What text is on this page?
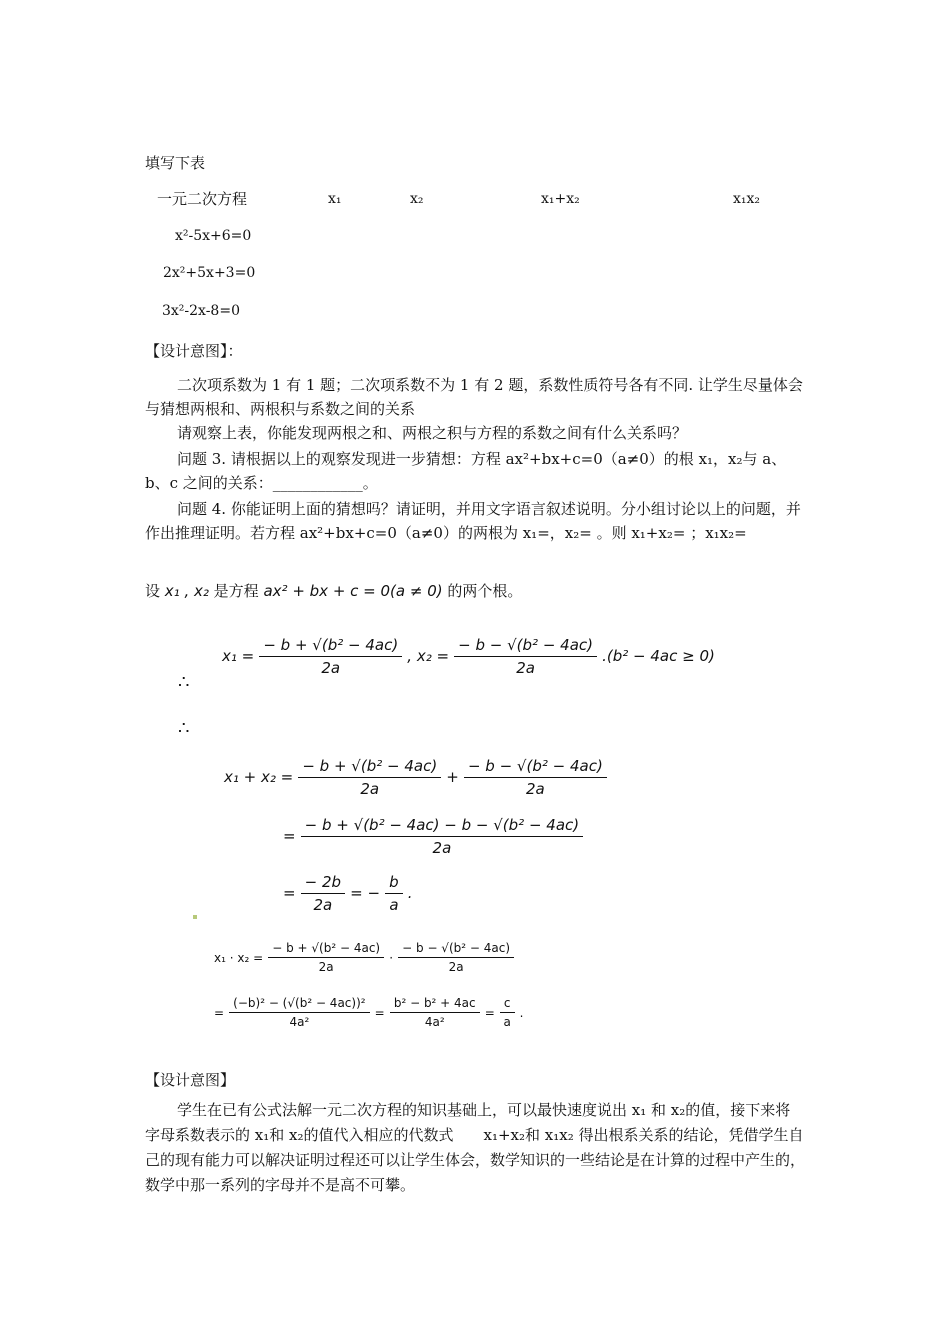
填写下表
一元二次方程	x₁	x₂	x₁+x₂	x₁x₂
x²-5x+6=0
2x²+5x+3=0
3x²-2x-8=0
【设计意图】：
二次项系数为 1 有 1 题；二次项系数不为 1 有 2 题，系数性质符号各有不同. 让学生尽量体会与猜想两根和、两根积与系数之间的关系
请观察上表，你能发现两根之和、两根之积与方程的系数之间有什么关系吗？
问题 3. 请根据以上的观察发现进一步猜想：方程 ax²+bx+c=0（a≠0）的根 x₁，x₂与 a、b、c 之间的关系：____________。
问题 4. 你能证明上面的猜想吗？请证明，并用文字语言叙述说明。分小组讨论以上的问题，并作出推理证明。若方程 ax²+bx+c=0（a≠0）的两根为 x₁=，x₂= 。则 x₁+x₂= ；x₁x₂=
设 x₁ , x₂ 是方程 ax² + bx + c = 0(a ≠ 0) 的两个根。
$x_1 = \frac{\text{− b + √(b² − 4ac)}}{2a}$ , $x_2 = \frac{\text{− b − √(b² − 4ac)}}{2a} .(b^2 - 4ac \ge 0)$
∴
∴
$x_1 + x_2 = \frac{\text{− b + √(b² − 4ac)}}{2a} + \frac{\text{− b − √(b² − 4ac)}}{2a}$
= $\frac{\text{− b + √(b² − 4ac) − b − √(b² − 4ac)}}{2a}$
= $\frac{- 2b}{2a}$ = − $\frac{b}{a}$ .
$x_1 \cdot x_2 = \frac{\text{− b + √(b² − 4ac)}}{2a} \cdot \frac{\text{− b − √(b² − 4ac)}}{2a}$
= $\frac{\text{(−b)² − (√(b² − 4ac))²}}{\text{4a²}} = \frac{\text{b² − b² + 4ac}}{\text{4a²}} = \frac{c}{a}$ .
【设计意图】
学生在已有公式法解一元二次方程的知识基础上，可以最快速度说出 x₁ 和 x₂的值，接下来将字母系数表示的 x₁和 x₂的值代入相应的代数式　　x₁+x₂和 x₁x₂ 得出根系关系的结论，凭借学生自己的现有能力可以解决证明过程还可以让学生体会，数学知识的一些结论是在计算的过程中产生的，数学中那一系列的字母并不是高不可攀。
